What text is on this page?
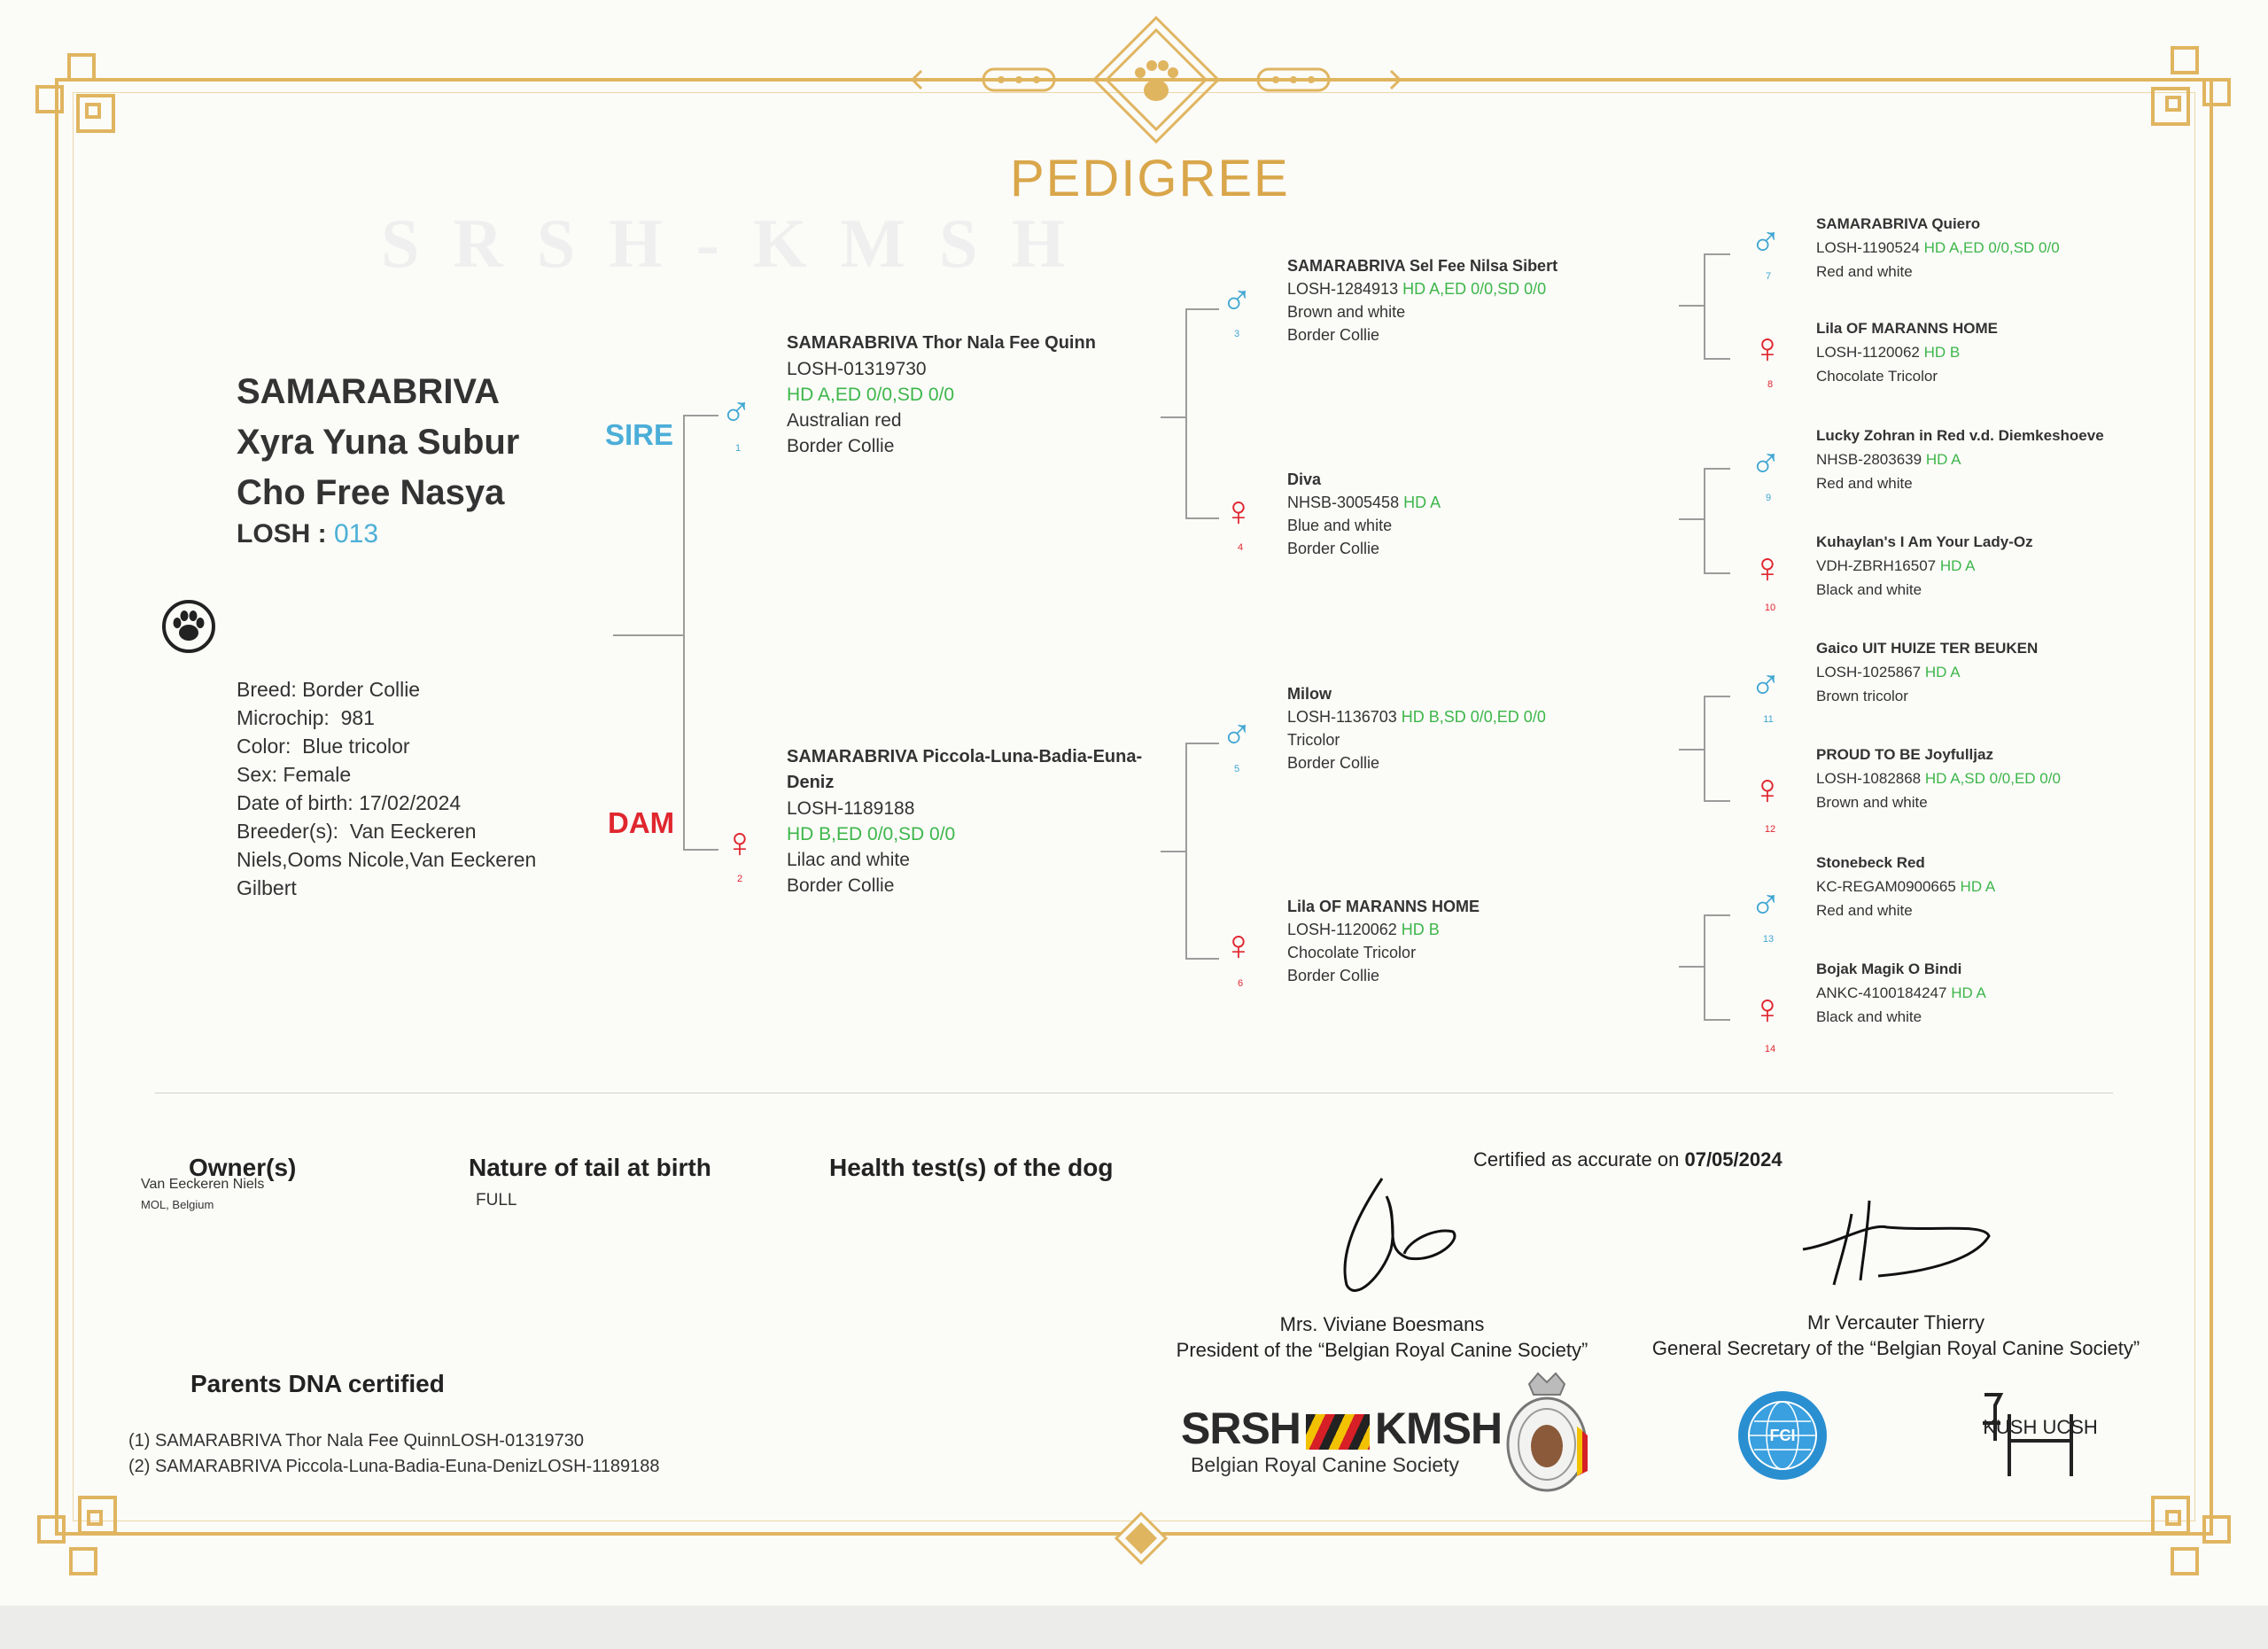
PEDIGREE
SRSH-KMSH
SAMARABRIVA
Xyra Yuna Subur
Cho Free Nasya
LOSH : 013
Breed: Border Collie
Microchip:  981
Color:  Blue tricolor
Sex: Female
Date of birth: 17/02/2024
Breeder(s):  Van Eeckeren Niels,Ooms Nicole,Van Eeckeren Gilbert
SIRE
DAM
♂
1
SAMARABRIVA Thor Nala Fee Quinn
LOSH-01319730
HD A,ED 0/0,SD 0/0
Australian red
Border Collie
♀
2
SAMARABRIVA Piccola-Luna-Badia-Euna-
Deniz
LOSH-1189188
HD B,ED 0/0,SD 0/0
Lilac and white
Border Collie
♂
3
SAMARABRIVA Sel Fee Nilsa Sibert
LOSH-1284913 HD A,ED 0/0,SD 0/0
Brown and white
Border Collie
♀
4
Diva
NHSB-3005458 HD A
Blue and white
Border Collie
♂
5
Milow
LOSH-1136703 HD B,SD 0/0,ED 0/0
Tricolor
Border Collie
♀
6
Lila OF MARANNS HOME
LOSH-1120062 HD B
Chocolate Tricolor
Border Collie
♂
7
SAMARABRIVA Quiero
LOSH-1190524 HD A,ED 0/0,SD 0/0
Red and white
♀
8
Lila OF MARANNS HOME
LOSH-1120062 HD B
Chocolate Tricolor
♂
9
Lucky Zohran in Red v.d. Diemkeshoeve
NHSB-2803639 HD A
Red and white
♀
10
Kuhaylan's I Am Your Lady-Oz
VDH-ZBRH16507 HD A
Black and white
♂
11
Gaico UIT HUIZE TER BEUKEN
LOSH-1025867 HD A
Brown tricolor
♀
12
PROUD TO BE Joyfulljaz
LOSH-1082868 HD A,SD 0/0,ED 0/0
Brown and white
♂
13
Stonebeck Red
KC-REGAM0900665 HD A
Red and white
♀
14
Bojak Magik O Bindi
ANKC-4100184247 HD A
Black and white
Owner(s)
Van Eeckeren Niels
MOL, Belgium
Nature of tail at birth
FULL
Health test(s) of the dog	Certified as accurate on 07/05/2024
Mrs. Viviane Boesmans
President of the “Belgian Royal Canine Society”
Mr Vercauter Thierry
General Secretary of the “Belgian Royal Canine Society”
Parents DNA certified
(1) SAMARABRIVA Thor Nala Fee QuinnLOSH-01319730
(2) SAMARABRIVA Piccola-Luna-Badia-Euna-DenizLOSH-1189188
SRSH KMSH
Belgian Royal Canine Society
FCI	KUSH UCSH
